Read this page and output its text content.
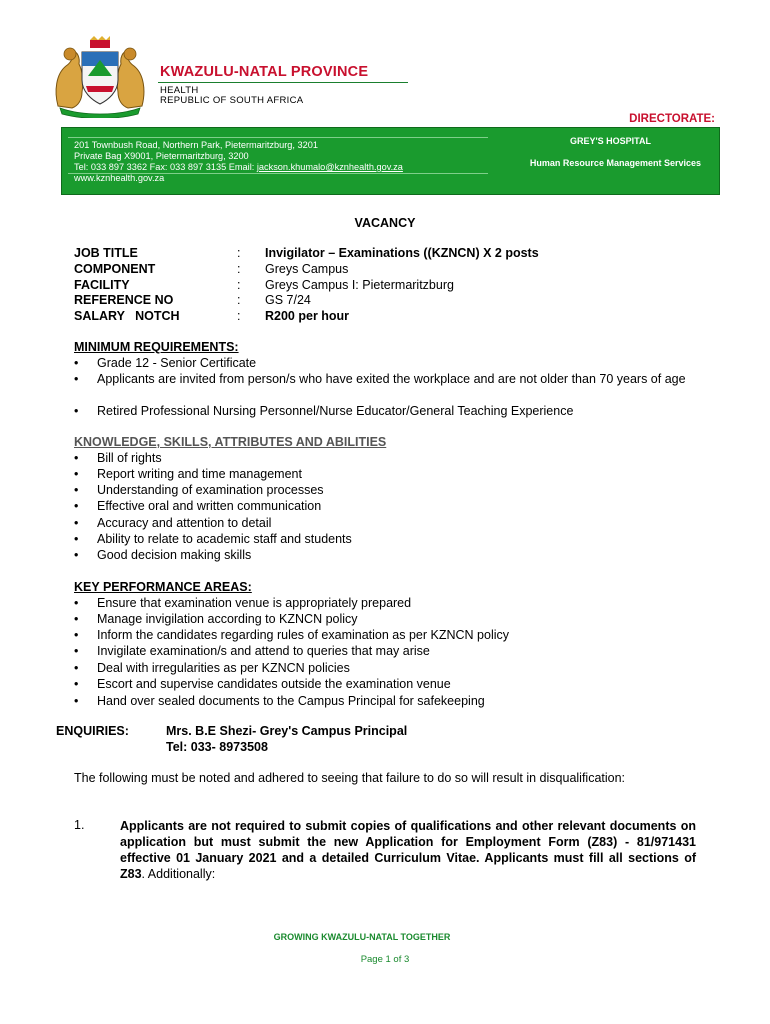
KWAZULU-NATAL PROVINCE
HEALTH
REPUBLIC OF SOUTH AFRICA
DIRECTORATE:
201 Townbush Road, Northern Park, Pietermaritzburg, 3201
Private Bag X9001, Pietermaritzburg, 3200
Tel: 033 897 3362 Fax: 033 897 3135 Email: jackson.khumalo@kznhealth.gov.za
www.kznhealth.gov.za
GREY'S HOSPITAL
Human Resource Management Services
VACANCY
JOB TITLE	: Invigilator – Examinations ((KZNCN) X 2 posts
COMPONENT	: Greys Campus
FACILITY	: Greys Campus I: Pietermaritzburg
REFERENCE NO	: GS 7/24
SALARY   NOTCH	: R200 per hour
MINIMUM REQUIREMENTS:
• Grade 12 - Senior Certificate
• Applicants are invited from person/s who have exited the workplace and are not older than 70 years of age
• Retired Professional Nursing Personnel/Nurse Educator/General Teaching Experience
KNOWLEDGE, SKILLS, ATTRIBUTES AND ABILITIES
• Bill of rights
• Report writing and time management
• Understanding of examination processes
• Effective oral and written communication
• Accuracy and attention to detail
• Ability to relate to academic staff and students
• Good decision making skills
KEY PERFORMANCE AREAS:
• Ensure that examination venue is appropriately prepared
• Manage invigilation according to KZNCN policy
• Inform the candidates regarding rules of examination as per KZNCN policy
• Invigilate examination/s and attend to queries that may arise
• Deal with irregularities as per KZNCN policies
• Escort and supervise candidates outside the examination venue
• Hand over sealed documents to the Campus Principal for safekeeping
ENQUIRIES:	Mrs. B.E Shezi- Grey's Campus Principal
Tel: 033- 8973508
The following must be noted and adhered to seeing that failure to do so will result in disqualification:
1.	Applicants are not required to submit copies of qualifications and other relevant documents on application but must submit the new Application for Employment Form (Z83) - 81/971431 effective 01 January 2021 and a detailed Curriculum Vitae. Applicants must fill all sections of Z83. Additionally:
GROWING KWAZULU-NATAL TOGETHER
Page 1 of 3
